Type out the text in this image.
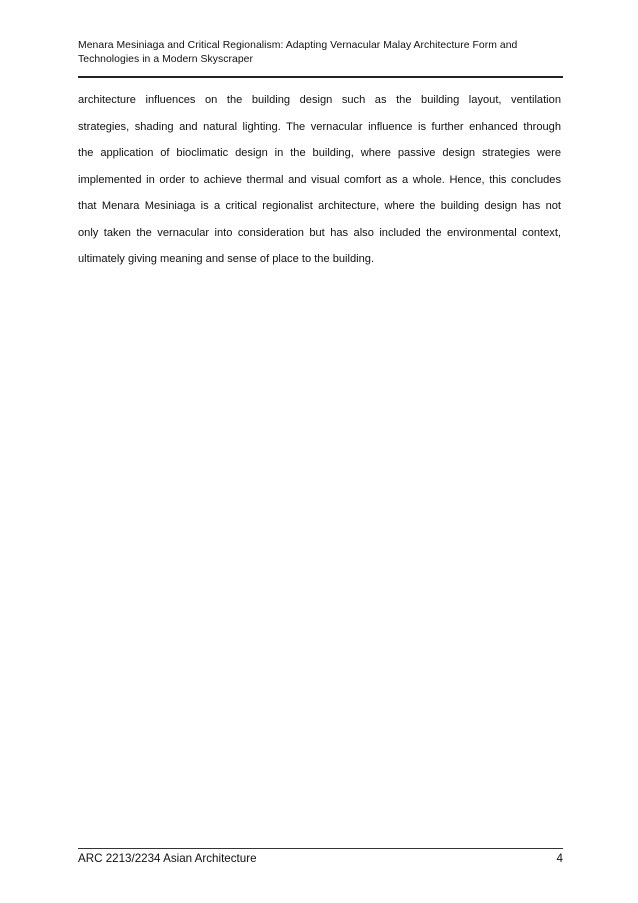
Menara Mesiniaga and Critical Regionalism: Adapting Vernacular Malay Architecture Form and
Technologies in a Modern Skyscraper
architecture influences on the building design such as the building layout, ventilation
strategies, shading and natural lighting. The vernacular influence is further enhanced through
the application of bioclimatic design in the building, where passive design strategies were
implemented in order to achieve thermal and visual comfort as a whole. Hence, this concludes
that Menara Mesiniaga is a critical regionalist architecture, where the building design has not
only taken the vernacular into consideration but has also included the environmental context,
ultimately giving meaning and sense of place to the building.
ARC 2213/2234 Asian Architecture	4
